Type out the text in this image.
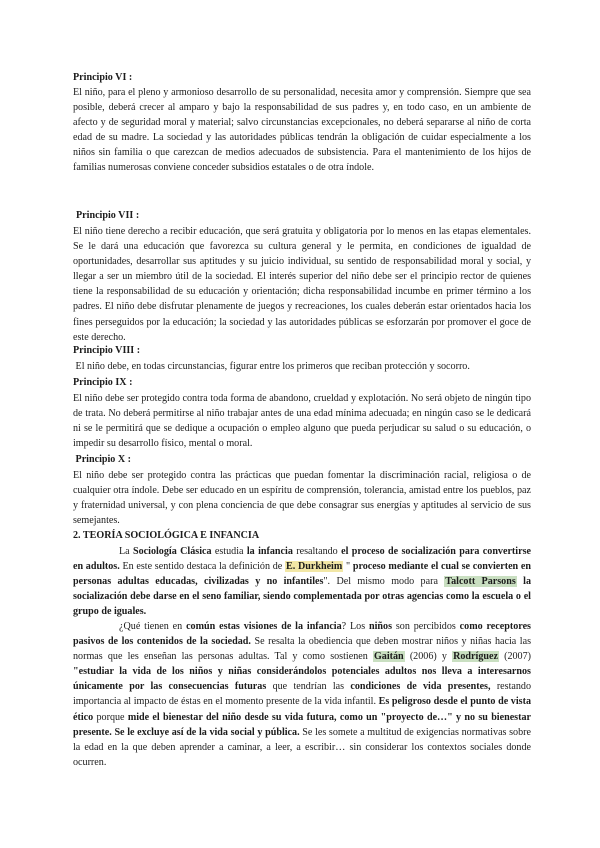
Principio VI :

El niño, para el pleno y armonioso desarrollo de su personalidad, necesita amor y comprensión. Siempre que sea posible, deberá crecer al amparo y bajo la responsabilidad de sus padres y, en todo caso, en un ambiente de afecto y de seguridad moral y material; salvo circunstancias excepcionales, no deberá separarse al niño de corta edad de su madre. La sociedad y las autoridades públicas tendrán la obligación de cuidar especialmente a los niños sin familia o que carezcan de medios adecuados de subsistencia. Para el mantenimiento de los hijos de familias numerosas conviene conceder subsidios estatales o de otra índole.

Principio VII :

El niño tiene derecho a recibir educación, que será gratuita y obligatoria por lo menos en las etapas elementales. Se le dará una educación que favorezca su cultura general y le permita, en condiciones de igualdad de oportunidades, desarrollar sus aptitudes y su juicio individual, su sentido de responsabilidad moral y social, y llegar a ser un miembro útil de la sociedad. El interés superior del niño debe ser el principio rector de quienes tiene la responsabilidad de su educación y orientación; dicha responsabilidad incumbe en primer término a los padres. El niño debe disfrutar plenamente de juegos y recreaciones, los cuales deberán estar orientados hacia los fines perseguidos por la educación; la sociedad y las autoridades públicas se esforzarán por promover el goce de este derecho.

Principio VIII :

El niño debe, en todas circunstancias, figurar entre los primeros que reciban protección y socorro.

Principio IX :

El niño debe ser protegido contra toda forma de abandono, crueldad y explotación. No será objeto de ningún tipo de trata. No deberá permitirse al niño trabajar antes de una edad mínima adecuada; en ningún caso se le dedicará ni se le permitirá que se dedique a ocupación o empleo alguno que pueda perjudicar su salud o su educación, o impedir su desarrollo físico, mental o moral.

Principio X :

El niño debe ser protegido contra las prácticas que puedan fomentar la discriminación racial, religiosa o de cualquier otra índole. Debe ser educado en un espíritu de comprensión, tolerancia, amistad entre los pueblos, paz y fraternidad universal, y con plena conciencia de que debe consagrar sus energías y aptitudes al servicio de sus semejantes.

2. TEORÍA SOCIOLÓGICA E INFANCIA

La Sociología Clásica estudia la infancia resaltando el proceso de socialización para convertirse en adultos. En este sentido destaca la definición de E. Durkheim " proceso mediante el cual se convierten en personas adultas educadas, civilizadas y no infantiles". Del mismo modo para Talcott Parsons la socialización debe darse en el seno familiar, siendo complementada por otras agencias como la escuela o el grupo de iguales.

¿Qué tienen en común estas visiones de la infancia? Los niños son percibidos como receptores pasivos de los contenidos de la sociedad. Se resalta la obediencia que deben mostrar niños y niñas hacia las normas que les enseñan las personas adultas. Tal y como sostienen Gaitán (2006) y Rodríguez (2007) "estudiar la vida de los niños y niñas considerándolos potenciales adultos nos lleva a interesarnos únicamente por las consecuencias futuras que tendrían las condiciones de vida presentes, restando importancia al impacto de éstas en el momento presente de la vida infantil. Es peligroso desde el punto de vista ético porque mide el bienestar del niño desde su vida futura, como un "proyecto de…" y no su bienestar presente. Se le excluye así de la vida social y pública. Se les somete a multitud de exigencias normativas sobre la edad en la que deben aprender a caminar, a leer, a escribir… sin considerar los contextos sociales donde ocurren.
